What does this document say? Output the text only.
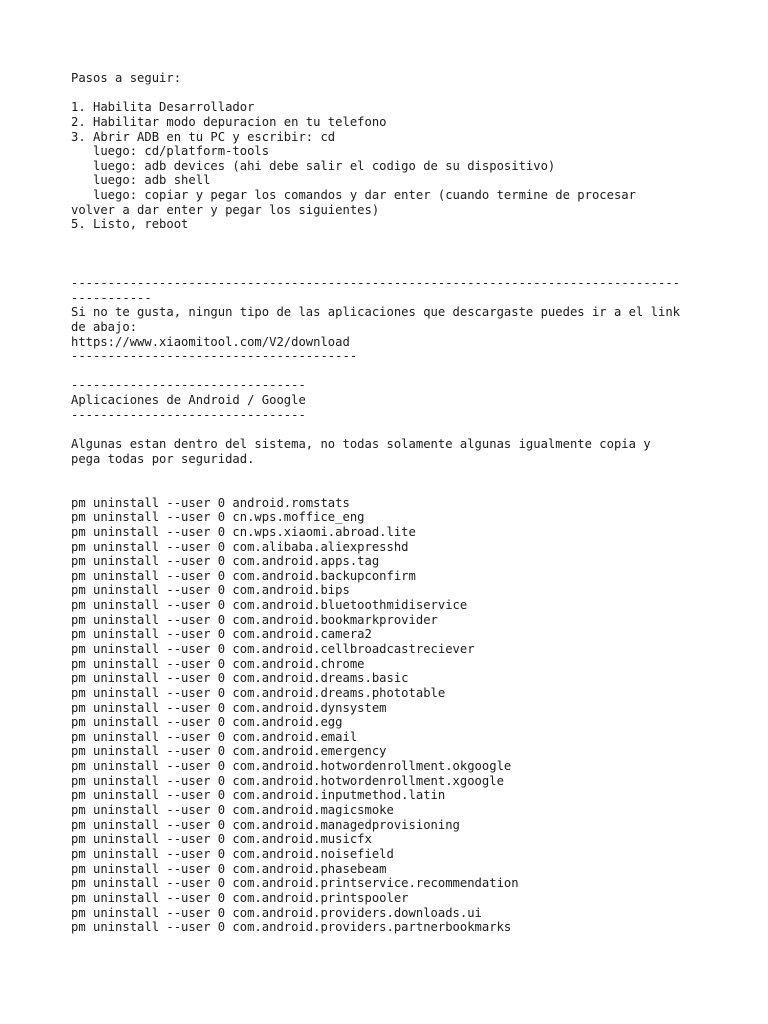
Pasos a seguir:
1. Habilita Desarrollador
2. Habilitar modo depuracion en tu telefono
3. Abrir ADB en tu PC y escribir: cd
luego: cd/platform-tools
luego: adb devices (ahi debe salir el codigo de su dispositivo)
luego: adb shell
luego: copiar y pegar los comandos y dar enter (cuando termine de procesar
volver a dar enter y pegar los siguientes)
5. Listo, reboot
-----------------------------------------------------------------------------------
-----------
Si no te gusta, ningun tipo de las aplicaciones que descargaste puedes ir a el link
de abajo:
https://www.xiaomitool.com/V2/download
---------------------------------------
--------------------------------
Aplicaciones de Android / Google
--------------------------------
Algunas estan dentro del sistema, no todas solamente algunas igualmente copia y
pega todas por seguridad.
pm uninstall --user 0 android.romstats
pm uninstall --user 0 cn.wps.moffice_eng
pm uninstall --user 0 cn.wps.xiaomi.abroad.lite
pm uninstall --user 0 com.alibaba.aliexpresshd
pm uninstall --user 0 com.android.apps.tag
pm uninstall --user 0 com.android.backupconfirm
pm uninstall --user 0 com.android.bips
pm uninstall --user 0 com.android.bluetoothmidiservice
pm uninstall --user 0 com.android.bookmarkprovider
pm uninstall --user 0 com.android.camera2
pm uninstall --user 0 com.android.cellbroadcastreciever
pm uninstall --user 0 com.android.chrome
pm uninstall --user 0 com.android.dreams.basic
pm uninstall --user 0 com.android.dreams.phototable
pm uninstall --user 0 com.android.dynsystem
pm uninstall --user 0 com.android.egg
pm uninstall --user 0 com.android.email
pm uninstall --user 0 com.android.emergency
pm uninstall --user 0 com.android.hotwordenrollment.okgoogle
pm uninstall --user 0 com.android.hotwordenrollment.xgoogle
pm uninstall --user 0 com.android.inputmethod.latin
pm uninstall --user 0 com.android.magicsmoke
pm uninstall --user 0 com.android.managedprovisioning
pm uninstall --user 0 com.android.musicfx
pm uninstall --user 0 com.android.noisefield
pm uninstall --user 0 com.android.phasebeam
pm uninstall --user 0 com.android.printservice.recommendation
pm uninstall --user 0 com.android.printspooler
pm uninstall --user 0 com.android.providers.downloads.ui
pm uninstall --user 0 com.android.providers.partnerbookmarks
